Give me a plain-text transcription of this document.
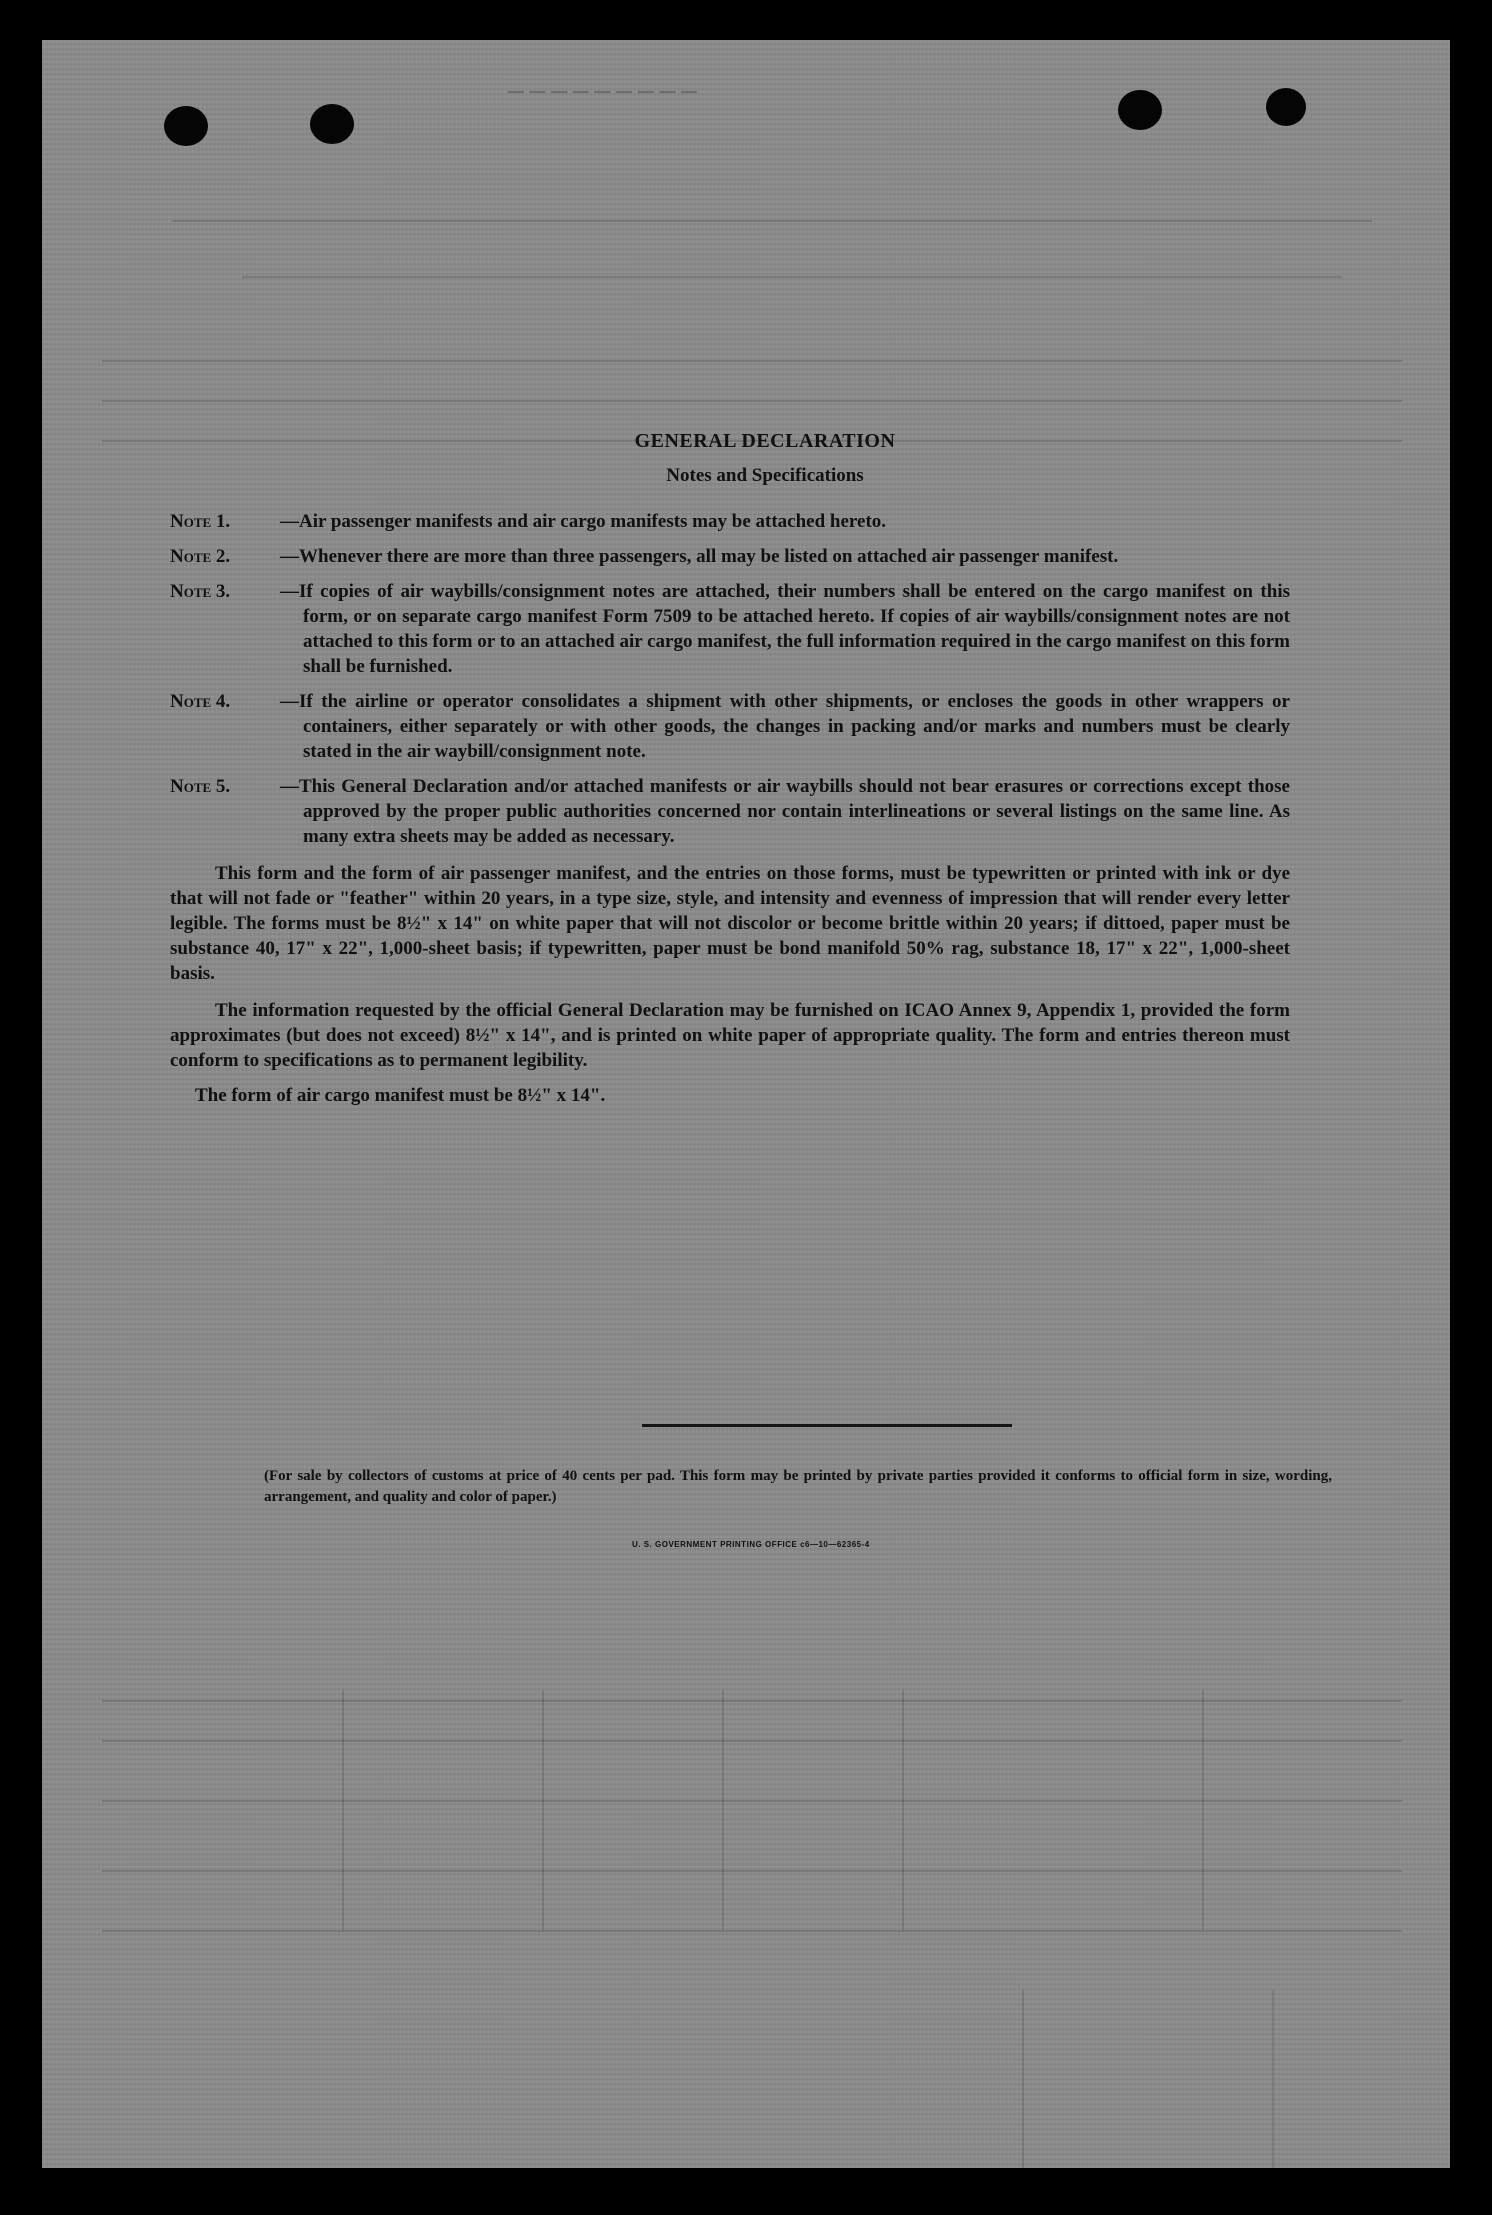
─────────
(For sale by collectors of customs at price of 40 cents per pad. This form may be printed by private parties provided it conforms to official form in size, wording, arrangement, and quality and color of paper.)
U. S. GOVERNMENT PRINTING OFFICE c6—10—62365-4
GENERAL DECLARATION
Notes and Specifications
Note 1.	—Air passenger manifests and air cargo manifests may be attached hereto.
Note 2.	—Whenever there are more than three passengers, all may be listed on attached air passenger manifest.
Note 3.	—If copies of air waybills/consignment notes are attached, their numbers shall be entered on the cargo manifest on this form, or on separate cargo manifest Form 7509 to be attached hereto. If copies of air waybills/consignment notes are not attached to this form or to an attached air cargo manifest, the full information required in the cargo manifest on this form shall be furnished.
Note 4.	—If the airline or operator consolidates a shipment with other shipments, or encloses the goods in other wrappers or containers, either separately or with other goods, the changes in packing and/or marks and numbers must be clearly stated in the air waybill/consignment note.
Note 5.	—This General Declaration and/or attached manifests or air waybills should not bear erasures or corrections except those approved by the proper public authorities concerned nor contain interlineations or several listings on the same line. As many extra sheets may be added as necessary.

This form and the form of air passenger manifest, and the entries on those forms, must be typewritten or printed with ink or dye that will not fade or "feather" within 20 years, in a type size, style, and intensity and evenness of impression that will render every letter legible. The forms must be 8½" x 14" on white paper that will not discolor or become brittle within 20 years; if dittoed, paper must be substance 40, 17" x 22", 1,000-sheet basis; if typewritten, paper must be bond manifold 50% rag, substance 18, 17" x 22", 1,000-sheet basis.

The information requested by the official General Declaration may be furnished on ICAO Annex 9, Appendix 1, provided the form approximates (but does not exceed) 8½" x 14", and is printed on white paper of appropriate quality. The form and entries thereon must conform to specifications as to permanent legibility.

The form of air cargo manifest must be 8½" x 14".
